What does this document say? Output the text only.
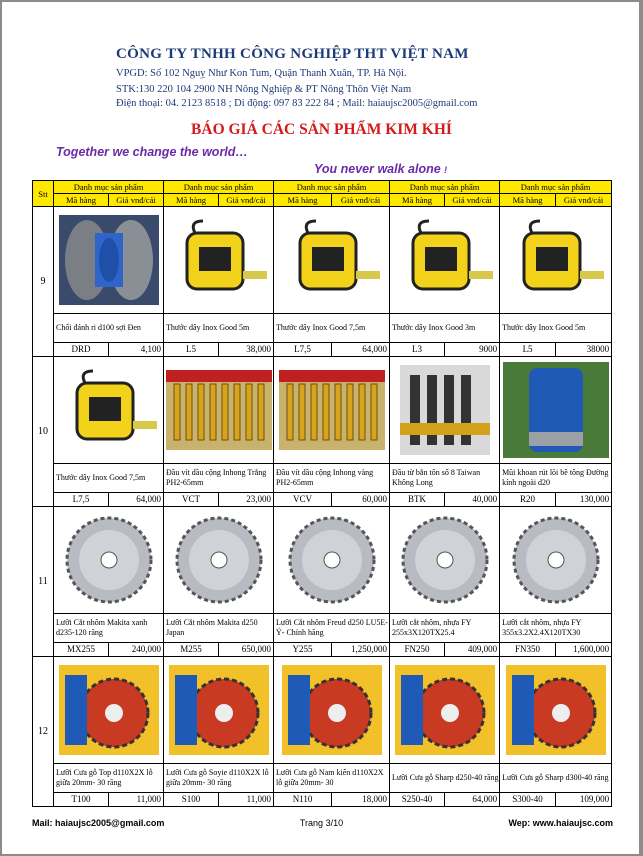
CÔNG TY TNHH CÔNG NGHIỆP THT VIỆT NAM
VPGD: Số 102 Nguỵ Như Kon Tum, Quận Thanh Xuân, TP. Hà Nội.
STK:130 220 104 2900 NH Nông Nghiệp & PT Nông Thôn Việt Nam
Điện thoại: 04. 2123 8518 ; Di động: 097 83 222 84 ; Mail: haiaujsc2005@gmail.com
BÁO GIÁ CÁC SẢN PHẨM KIM KHÍ
Together we change the world…
You never walk alone !
Stt	Danh mục sản phẩm		Danh mục sản phẩm		Danh mục sản phẩm		Danh mục sản phẩm		Danh mục sản phẩm	
	Mã hàng	Giá vnđ/cái	Mã hàng	Giá vnđ/cái	Mã hàng	Giá vnđ/cái	Mã hàng	Giá vnđ/cái	Mã hàng	Giá vnđ/cái
9	

	Chổi đánh ri d100 sợi Đen		Thước dây Inox Good 5m		Thước dây Inox Good 7,5m		Thước dây Inox Good 3m		Thước dây Inox Good 5m	
	DRD	4,100	L5	38,000	L7,5	64,000	L3	9000	L5	38000
10	

	Thước dây Inox Good 7,5m		Đầu vít dầu cộng Inhong Trắng PH2-65mm		Đầu vít dầu cộng Inhong vàng PH2-65mm		Đầu từ bắn tôn số 8 Taiwan Không Long		Mũi khoan rút lõi bê tông Đường kính ngoài d20	
	L7,5	64,000	VCT	23,000	VCV	60,000	BTK	40,000	R20	130,000
11	

	Lưỡi Cắt nhôm Makita xanh d235-120 răng		Lưỡi Cắt nhôm Makita d250 Japan		Lưỡi Cắt nhôm Freud d250 LU5E- Ý- Chính hãng		Lưỡi cắt nhôm, nhựa FY 255x3X120TX25.4		Lưỡi cắt nhôm, nhựa FY 355x3.2X2.4X120TX30	
	MX255	240,000	M255	650,000	Y255	1,250,000	FN250	409,000	FN350	1,600,000
12	

	Lưỡi Cưa gỗ Top d110X2X lỗ giữa 20mm- 30 răng		Lưỡi Cưa gỗ Soyie d110X2X lỗ giữa 20mm- 30 răng		Lưỡi Cưa gỗ Nam kiến d110X2X lỗ giữa 20mm- 30		Lưỡi Cưa gỗ Sharp d250-40 răng		Lưỡi Cưa gỗ Sharp d300-40 răng	
	T100	11,000	S100	11,000	N110	18,000	S250-40	64,000	S300-40	109,000
Mail: haiaujsc2005@gmail.com	Trang 3/10	Wep: www.haiaujsc.com
